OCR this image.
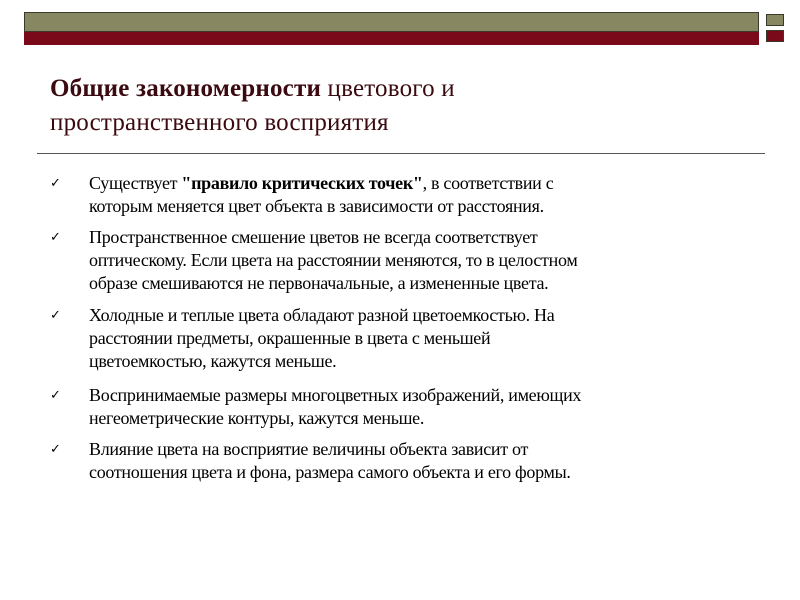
Общие закономерности цветового и
пространственного восприятия
✓ Существует "правило критических точек", в соответствии с
которым меняется цвет объекта в зависимости от расстояния.
✓ Пространственное смешение цветов не всегда соответствует
оптическому. Если цвета на расстоянии меняются, то в целостном
образе смешиваются не первоначальные, а измененные цвета.
✓ Холодные и теплые цвета обладают разной цветоемкостью. На
расстоянии предметы, окрашенные в цвета с меньшей
цветоемкостью, кажутся меньше.
✓ Воспринимаемые размеры многоцветных изображений, имеющих
негеометрические контуры, кажутся меньше.
✓ Влияние цвета на восприятие величины объекта зависит от
соотношения цвета и фона, размера самого объекта и его формы.
